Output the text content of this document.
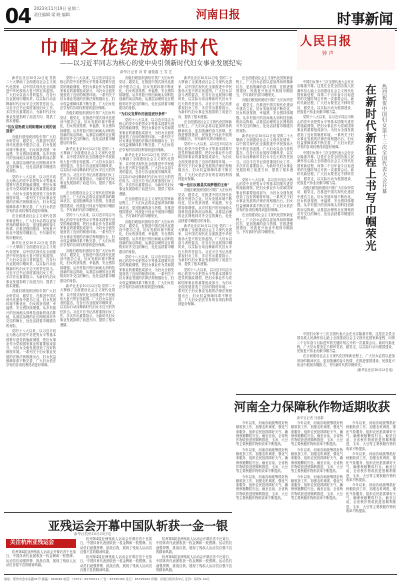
04 2023年11月19日 星期二
责任编辑 梁 晓 编辑	河南日报	时事新闻
巾帼之花绽放新时代
——以习近平同志为核心的党中央引领新时代妇女事业发展纪实
新华社记者 刘 菁 潘德鑫 王 雪 艺
人民日报
钟 声

新华社北京10月22日电 党的二十大擘画了全面建设社会主义现代化国家、以中国式现代化全面推进中华民族伟大复兴的宏伟蓝图。广大妇女以奋斗者的姿态，在各行各业展现巾帼风采，以实际行动诠释新时代妇女半边天的责任担当。习近平总书记高度重视妇女工作，多次作出重要指示，为新时代妇女事业发展指明了前进方向、提供了根本遵循。

“妇女是物质文明和精神文明的创造者”

各级妇联组织团结引领广大妇女听党话、跟党走，在推进中国式现代化建设中建功立业。妇女发展环境不断优化，妇女的获得感、幸福感、安全感持续增强。从乡村振兴的田间地头到科技创新的前沿阵地，从基层治理的社区网格到对外交往的舞台，处处活跃着巾帼建功的身影。

党的十八大以来，以习近平同志为核心的党中央把男女平等基本国策写进党的施政纲领，把妇女事业作为党和国家事业的重要组成部分，为妇女全面发展营造了良好的制度环境。一系列关于妇女事业发展的法律法规相继出台，妇女权益保障体系不断完善，广大妇女依法享有的各项权利得到更好保障。

在全面建设社会主义现代化国家新征程上，广大妇女必将以更加昂扬的精神状态、更加饱满的奋斗热情，在推进强国建设、民族复兴伟业中展现巾帼担当，书写新时代的巾帼荣光。

新华社北京10月22日电 党的二十大擘画了全面建设社会主义现代化国家、以中国式现代化全面推进中华民族伟大复兴的宏伟蓝图。广大妇女以奋斗者的姿态，在各行各业展现巾帼风采，以实际行动诠释新时代妇女半边天的责任担当。习近平总书记高度重视妇女工作，多次作出重要指示，为新时代妇女事业发展指明了前进方向、提供了根本遵循。

各级妇联组织团结引领广大妇女听党话、跟党走，在推进中国式现代化建设中建功立业。妇女发展环境不断优化，妇女的获得感、幸福感、安全感持续增强。从乡村振兴的田间地头到科技创新的前沿阵地，从基层治理的社区网格到对外交往的舞台，处处活跃着巾帼建功的身影。

党的十八大以来，以习近平同志为核心的党中央把男女平等基本国策写进党的施政纲领，把妇女事业作为党和国家事业的重要组成部分，为妇女全面发展营造了良好的制度环境。一系列关于妇女事业发展的法律法规相继出台，妇女权益保障体系不断完善，广大妇女依法享有的各项权利得到更好保障。

党的十八大以来，以习近平同志为核心的党中央把男女平等基本国策写进党的施政纲领，把妇女事业作为党和国家事业的重要组成部分，为妇女全面发展营造了良好的制度环境。一系列关于妇女事业发展的法律法规相继出台，妇女权益保障体系不断完善，广大妇女依法享有的各项权利得到更好保障。

各级妇联组织团结引领广大妇女听党话、跟党走，在推进中国式现代化建设中建功立业。妇女发展环境不断优化，妇女的获得感、幸福感、安全感持续增强。从乡村振兴的田间地头到科技创新的前沿阵地，从基层治理的社区网格到对外交往的舞台，处处活跃着巾帼建功的身影。

新华社北京10月22日电 党的二十大擘画了全面建设社会主义现代化国家、以中国式现代化全面推进中华民族伟大复兴的宏伟蓝图。广大妇女以奋斗者的姿态，在各行各业展现巾帼风采，以实际行动诠释新时代妇女半边天的责任担当。习近平总书记高度重视妇女工作，多次作出重要指示，为新时代妇女事业发展指明了前进方向、提供了根本遵循。

在全面建设社会主义现代化国家新征程上，广大妇女必将以更加昂扬的精神状态、更加饱满的奋斗热情，在推进强国建设、民族复兴伟业中展现巾帼担当，书写新时代的巾帼荣光。

党的十八大以来，以习近平同志为核心的党中央把男女平等基本国策写进党的施政纲领，把妇女事业作为党和国家事业的重要组成部分，为妇女全面发展营造了良好的制度环境。一系列关于妇女事业发展的法律法规相继出台，妇女权益保障体系不断完善，广大妇女依法享有的各项权利得到更好保障。

各级妇联组织团结引领广大妇女听党话、跟党走，在推进中国式现代化建设中建功立业。妇女发展环境不断优化，妇女的获得感、幸福感、安全感持续增强。从乡村振兴的田间地头到科技创新的前沿阵地，从基层治理的社区网格到对外交往的舞台，处处活跃着巾帼建功的身影。

新华社北京10月22日电 党的二十大擘画了全面建设社会主义现代化国家、以中国式现代化全面推进中华民族伟大复兴的宏伟蓝图。广大妇女以奋斗者的姿态，在各行各业展现巾帼风采，以实际行动诠释新时代妇女半边天的责任担当。习近平总书记高度重视妇女工作，多次作出重要指示，为新时代妇女事业发展指明了前进方向、提供了根本遵循。

各级妇联组织团结引领广大妇女听党话、跟党走，在推进中国式现代化建设中建功立业。妇女发展环境不断优化，妇女的获得感、幸福感、安全感持续增强。从乡村振兴的田间地头到科技创新的前沿阵地，从基层治理的社区网格到对外交往的舞台，处处活跃着巾帼建功的身影。

“为妇女发挥作用创造更好条件”

党的十八大以来，以习近平同志为核心的党中央把男女平等基本国策写进党的施政纲领，把妇女事业作为党和国家事业的重要组成部分，为妇女全面发展营造了良好的制度环境。一系列关于妇女事业发展的法律法规相继出台，妇女权益保障体系不断完善，广大妇女依法享有的各项权利得到更好保障。

新华社北京10月22日电 党的二十大擘画了全面建设社会主义现代化国家、以中国式现代化全面推进中华民族伟大复兴的宏伟蓝图。广大妇女以奋斗者的姿态，在各行各业展现巾帼风采，以实际行动诠释新时代妇女半边天的责任担当。习近平总书记高度重视妇女工作，多次作出重要指示，为新时代妇女事业发展指明了前进方向、提供了根本遵循。

在全面建设社会主义现代化国家新征程上，广大妇女必将以更加昂扬的精神状态、更加饱满的奋斗热情，在推进强国建设、民族复兴伟业中展现巾帼担当，书写新时代的巾帼荣光。

各级妇联组织团结引领广大妇女听党话、跟党走，在推进中国式现代化建设中建功立业。妇女发展环境不断优化，妇女的获得感、幸福感、安全感持续增强。从乡村振兴的田间地头到科技创新的前沿阵地，从基层治理的社区网格到对外交往的舞台，处处活跃着巾帼建功的身影。

党的十八大以来，以习近平同志为核心的党中央把男女平等基本国策写进党的施政纲领，把妇女事业作为党和国家事业的重要组成部分，为妇女全面发展营造了良好的制度环境。一系列关于妇女事业发展的法律法规相继出台，妇女权益保障体系不断完善，广大妇女依法享有的各项权利得到更好保障。

新华社北京10月22日电 党的二十大擘画了全面建设社会主义现代化国家、以中国式现代化全面推进中华民族伟大复兴的宏伟蓝图。广大妇女以奋斗者的姿态，在各行各业展现巾帼风采，以实际行动诠释新时代妇女半边天的责任担当。习近平总书记高度重视妇女工作，多次作出重要指示，为新时代妇女事业发展指明了前进方向、提供了根本遵循。

在全面建设社会主义现代化国家新征程上，广大妇女必将以更加昂扬的精神状态、更加饱满的奋斗热情，在推进强国建设、民族复兴伟业中展现巾帼担当，书写新时代的巾帼荣光。

党的十八大以来，以习近平同志为核心的党中央把男女平等基本国策写进党的施政纲领，把妇女事业作为党和国家事业的重要组成部分，为妇女全面发展营造了良好的制度环境。一系列关于妇女事业发展的法律法规相继出台，妇女权益保障体系不断完善，广大妇女依法享有的各项权利得到更好保障。

“每一位妇女都是实现梦想的主角”

各级妇联组织团结引领广大妇女听党话、跟党走，在推进中国式现代化建设中建功立业。妇女发展环境不断优化，妇女的获得感、幸福感、安全感持续增强。从乡村振兴的田间地头到科技创新的前沿阵地，从基层治理的社区网格到对外交往的舞台，处处活跃着巾帼建功的身影。

新华社北京10月22日电 党的二十大擘画了全面建设社会主义现代化国家、以中国式现代化全面推进中华民族伟大复兴的宏伟蓝图。广大妇女以奋斗者的姿态，在各行各业展现巾帼风采，以实际行动诠释新时代妇女半边天的责任担当。习近平总书记高度重视妇女工作，多次作出重要指示，为新时代妇女事业发展指明了前进方向、提供了根本遵循。

党的十八大以来，以习近平同志为核心的党中央把男女平等基本国策写进党的施政纲领，把妇女事业作为党和国家事业的重要组成部分，为妇女全面发展营造了良好的制度环境。一系列关于妇女事业发展的法律法规相继出台，妇女权益保障体系不断完善，广大妇女依法享有的各项权利得到更好保障。

在全面建设社会主义现代化国家新征程上，广大妇女必将以更加昂扬的精神状态、更加饱满的奋斗热情，在推进强国建设、民族复兴伟业中展现巾帼担当，书写新时代的巾帼荣光。

各级妇联组织团结引领广大妇女听党话、跟党走，在推进中国式现代化建设中建功立业。妇女发展环境不断优化，妇女的获得感、幸福感、安全感持续增强。从乡村振兴的田间地头到科技创新的前沿阵地，从基层治理的社区网格到对外交往的舞台，处处活跃着巾帼建功的身影。

新华社北京10月22日电 党的二十大擘画了全面建设社会主义现代化国家、以中国式现代化全面推进中华民族伟大复兴的宏伟蓝图。广大妇女以奋斗者的姿态，在各行各业展现巾帼风采，以实际行动诠释新时代妇女半边天的责任担当。习近平总书记高度重视妇女工作，多次作出重要指示，为新时代妇女事业发展指明了前进方向、提供了根本遵循。

党的十八大以来，以习近平同志为核心的党中央把男女平等基本国策写进党的施政纲领，把妇女事业作为党和国家事业的重要组成部分，为妇女全面发展营造了良好的制度环境。一系列关于妇女事业发展的法律法规相继出台，妇女权益保障体系不断完善，广大妇女依法享有的各项权利得到更好保障。

在全面建设社会主义现代化国家新征程上，广大妇女必将以更加昂扬的精神状态、更加饱满的奋斗热情，在推进强国建设、民族复兴伟业中展现巾帼担当，书写新时代的巾帼荣光。	在新时代新征程上书写巾帼荣光 热烈祝贺中国妇女第十三次全国代表大会开幕

中国妇女第十三次全国代表大会在北京隆重开幕。这是在全党全国各族人民满怀信心踏上全面建设社会主义现代化国家新征程、向第二个百年奋斗目标进军的关键时刻召开的一次重要会议。新时代新征程，广大妇女要坚定不移听党话、跟党走，以实际行动为强国建设、民族复兴伟业贡献巾帼力量。

党的十八大以来，以习近平同志为核心的党中央把男女平等基本国策写进党的施政纲领，把妇女事业作为党和国家事业的重要组成部分，为妇女全面发展营造了良好的制度环境。一系列关于妇女事业发展的法律法规相继出台，妇女权益保障体系不断完善，广大妇女依法享有的各项权利得到更好保障。

中国妇女第十三次全国代表大会在北京隆重开幕。这是在全党全国各族人民满怀信心踏上全面建设社会主义现代化国家新征程、向第二个百年奋斗目标进军的关键时刻召开的一次重要会议。新时代新征程，广大妇女要坚定不移听党话、跟党走，以实际行动为强国建设、民族复兴伟业贡献巾帼力量。

各级妇联组织团结引领广大妇女听党话、跟党走，在推进中国式现代化建设中建功立业。妇女发展环境不断优化，妇女的获得感、幸福感、安全感持续增强。从乡村振兴的田间地头到科技创新的前沿阵地，从基层治理的社区网格到对外交往的舞台，处处活跃着巾帼建功的身影。

中国妇女第十三次全国代表大会在北京隆重开幕。这是在全党全国各族人民满怀信心踏上全面建设社会主义现代化国家新征程、向第二个百年奋斗目标进军的关键时刻召开的一次重要会议。新时代新征程，广大妇女要坚定不移听党话、跟党走，以实际行动为强国建设、民族复兴伟业贡献巾帼力量。

在全面建设社会主义现代化国家新征程上，广大妇女必将以更加昂扬的精神状态、更加饱满的奋斗热情，在推进强国建设、民族复兴伟业中展现巾帼担当，书写新时代的巾帼荣光。

（新华社北京10月23日电）

河南全力保障秋作物适期收获
新华社记者 马意翀

今年以来，河南各地统筹抓好秋粮收获工作，加强农机调度，强化气象服务，组织农民抢抓晴好天气，确保秋粮颗粒归仓。截至目前，全省秋作物收获进度顺利推进，玉米、大豆等主要秋粮作物机收率不断提高。

今年以来，河南各地统筹抓好秋粮收获工作，加强农机调度，强化气象服务，组织农民抢抓晴好天气，确保秋粮颗粒归仓。截至目前，全省秋作物收获进度顺利推进，玉米、大豆等主要秋粮作物机收率不断提高。

今年以来，河南各地统筹抓好秋粮收获工作，加强农机调度，强化气象服务，组织农民抢抓晴好天气，确保秋粮颗粒归仓。截至目前，全省秋作物收获进度顺利推进，玉米、大豆等主要秋粮作物机收率不断提高。

今年以来，河南各地统筹抓好秋粮收获工作，加强农机调度，强化气象服务，组织农民抢抓晴好天气，确保秋粮颗粒归仓。截至目前，全省秋作物收获进度顺利推进，玉米、大豆等主要秋粮作物机收率不断提高。

今年以来，河南各地统筹抓好秋粮收获工作，加强农机调度，强化气象服务，组织农民抢抓晴好天气，确保秋粮颗粒归仓。截至目前，全省秋作物收获进度顺利推进，玉米、大豆等主要秋粮作物机收率不断提高。

今年以来，河南各地统筹抓好秋粮收获工作，加强农机调度，强化气象服务，组织农民抢抓晴好天气，确保秋粮颗粒归仓。截至目前，全省秋作物收获进度顺利推进，玉米、大豆等主要秋粮作物机收率不断提高。

今年以来，河南各地统筹抓好秋粮收获工作，加强农机调度，强化气象服务，组织农民抢抓晴好天气，确保秋粮颗粒归仓。截至目前，全省秋作物收获进度顺利推进，玉米、大豆等主要秋粮作物机收率不断提高。

今年以来，河南各地统筹抓好秋粮收获工作，加强农机调度，强化气象服务，组织农民抢抓晴好天气，确保秋粮颗粒归仓。截至目前，全省秋作物收获进度顺利推进，玉米、大豆等主要秋粮作物机收率不断提高。

今年以来，河南各地统筹抓好秋粮收获工作，加强农机调度，强化气象服务，组织农民抢抓晴好天气，确保秋粮颗粒归仓。截至目前，全省秋作物收获进度顺利推进，玉米、大豆等主要秋粮作物机收率不断提高。

亚残运会开幕中国队斩获一金一银
新华社杭州10月23日电
关注杭州亚残运会

杭州第4届亚洲残疾人运动会开幕后首个比赛日，中国体育代表团收获一枚金牌和一枚银牌。运动员们顽强拼搏、挑战自我，展现了残疾人运动员自强不息的精神风貌。

杭州第4届亚洲残疾人运动会开幕后首个比赛日，中国体育代表团收获一枚金牌和一枚银牌。运动员们顽强拼搏、挑战自我，展现了残疾人运动员自强不息的精神风貌。

杭州第4届亚洲残疾人运动会开幕后首个比赛日，中国体育代表团收获一枚金牌和一枚银牌。运动员们顽强拼搏、挑战自我，展现了残疾人运动员自强不息的精神风貌。

杭州第4届亚洲残疾人运动会开幕后首个比赛日，中国体育代表团收获一枚金牌和一枚银牌。运动员们顽强拼搏、挑战自我，展现了残疾人运动员自强不息的精神风貌。

杭州第4届亚洲残疾人运动会开幕后首个比赛日，中国体育代表团收获一枚金牌和一枚银牌。运动员们顽强拼搏、挑战自我，展现了残疾人运动员自强不息的精神风貌。

地址：郑州市金水东路21号 邮编：450046 电话：（0371）65795111 广告：65795165 发行：65795062 印刷：河南日报印务中心 定价：每份1.40元
